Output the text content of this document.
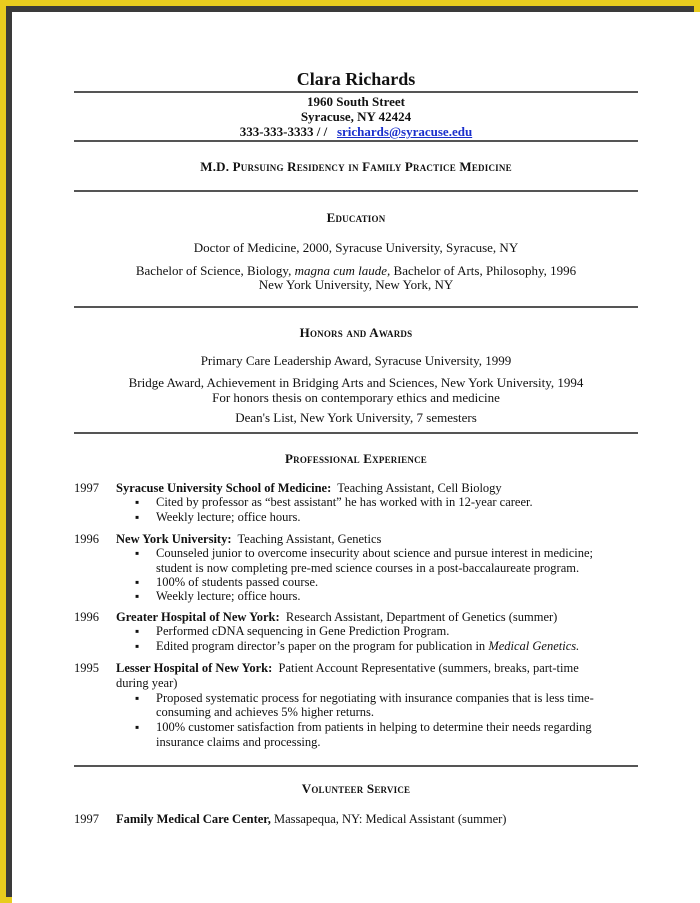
Clara Richards
1960 South Street
Syracuse, NY 42424
333-333-3333 / /   srichards@syracuse.edu
M.D. Pursuing Residency in Family Practice Medicine
Education
Doctor of Medicine, 2000, Syracuse University, Syracuse, NY
Bachelor of Science, Biology, magna cum laude, Bachelor of Arts, Philosophy, 1996
New York University, New York, NY
Honors and Awards
Primary Care Leadership Award, Syracuse University, 1999
Bridge Award, Achievement in Bridging Arts and Sciences, New York University, 1994
For honors thesis on contemporary ethics and medicine
Dean's List, New York University, 7 semesters
Professional Experience
1997 Syracuse University School of Medicine:  Teaching Assistant, Cell Biology
▪ Cited by professor as “best assistant” he has worked with in 12-year career.
▪ Weekly lecture; office hours.
1996 New York University:  Teaching Assistant, Genetics
▪ Counseled junior to overcome insecurity about science and pursue interest in medicine;
student is now completing pre-med science courses in a post-baccalaureate program.
▪ 100% of students passed course.
▪ Weekly lecture; office hours.
1996 Greater Hospital of New York:  Research Assistant, Department of Genetics (summer)
▪ Performed cDNA sequencing in Gene Prediction Program.
▪ Edited program director’s paper on the program for publication in Medical Genetics.
1995 Lesser Hospital of New York:  Patient Account Representative (summers, breaks, part-time
during year)
▪ Proposed systematic process for negotiating with insurance companies that is less time-
consuming and achieves 5% higher returns.
▪ 100% customer satisfaction from patients in helping to determine their needs regarding
insurance claims and processing.
Volunteer Service
1997 Family Medical Care Center, Massapequa, NY: Medical Assistant (summer)
